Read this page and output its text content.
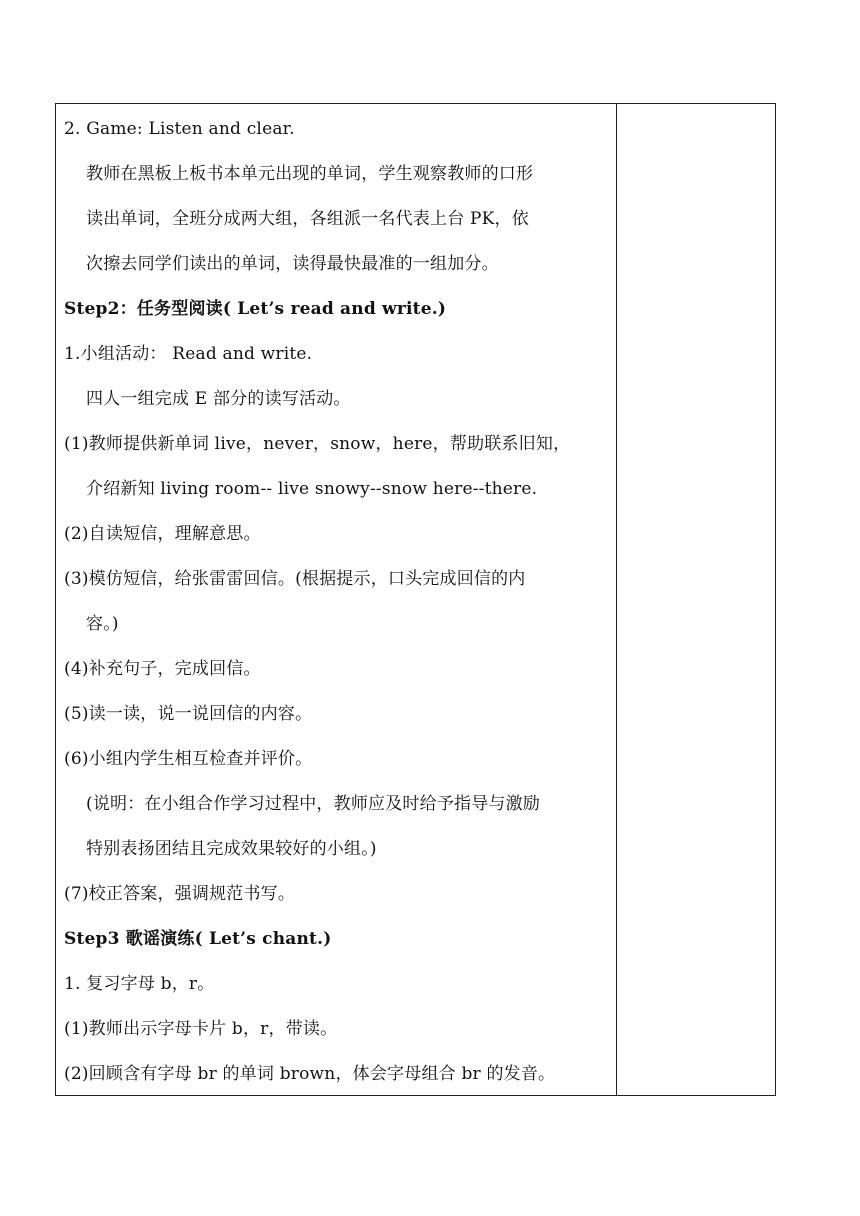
2. Game: Listen and clear.
教师在黑板上板书本单元出现的单词，学生观察教师的口形
读出单词，全班分成两大组，各组派一名代表上台 PK，依
次擦去同学们读出的单词，读得最快最准的一组加分。
Step2：任务型阅读( Let’s read and write.)
1.小组活动： Read and write.
四人一组完成 E 部分的读写活动。
(1)教师提供新单词 live，never，snow，here，帮助联系旧知，
介绍新知 living room-- live snowy--snow here--there.
(2)自读短信，理解意思。
(3)模仿短信，给张雷雷回信。(根据提示，口头完成回信的内
容。)
(4)补充句子，完成回信。
(5)读一读，说一说回信的内容。
(6)小组内学生相互检查并评价。
(说明：在小组合作学习过程中，教师应及时给予指导与激励
特别表扬团结且完成效果较好的小组。)
(7)校正答案，强调规范书写。
Step3 歌谣演练( Let’s chant.)
1. 复习字母 b，r。
(1)教师出示字母卡片 b，r，带读。
(2)回顾含有字母 br 的单词 brown，体会字母组合 br 的发音。
